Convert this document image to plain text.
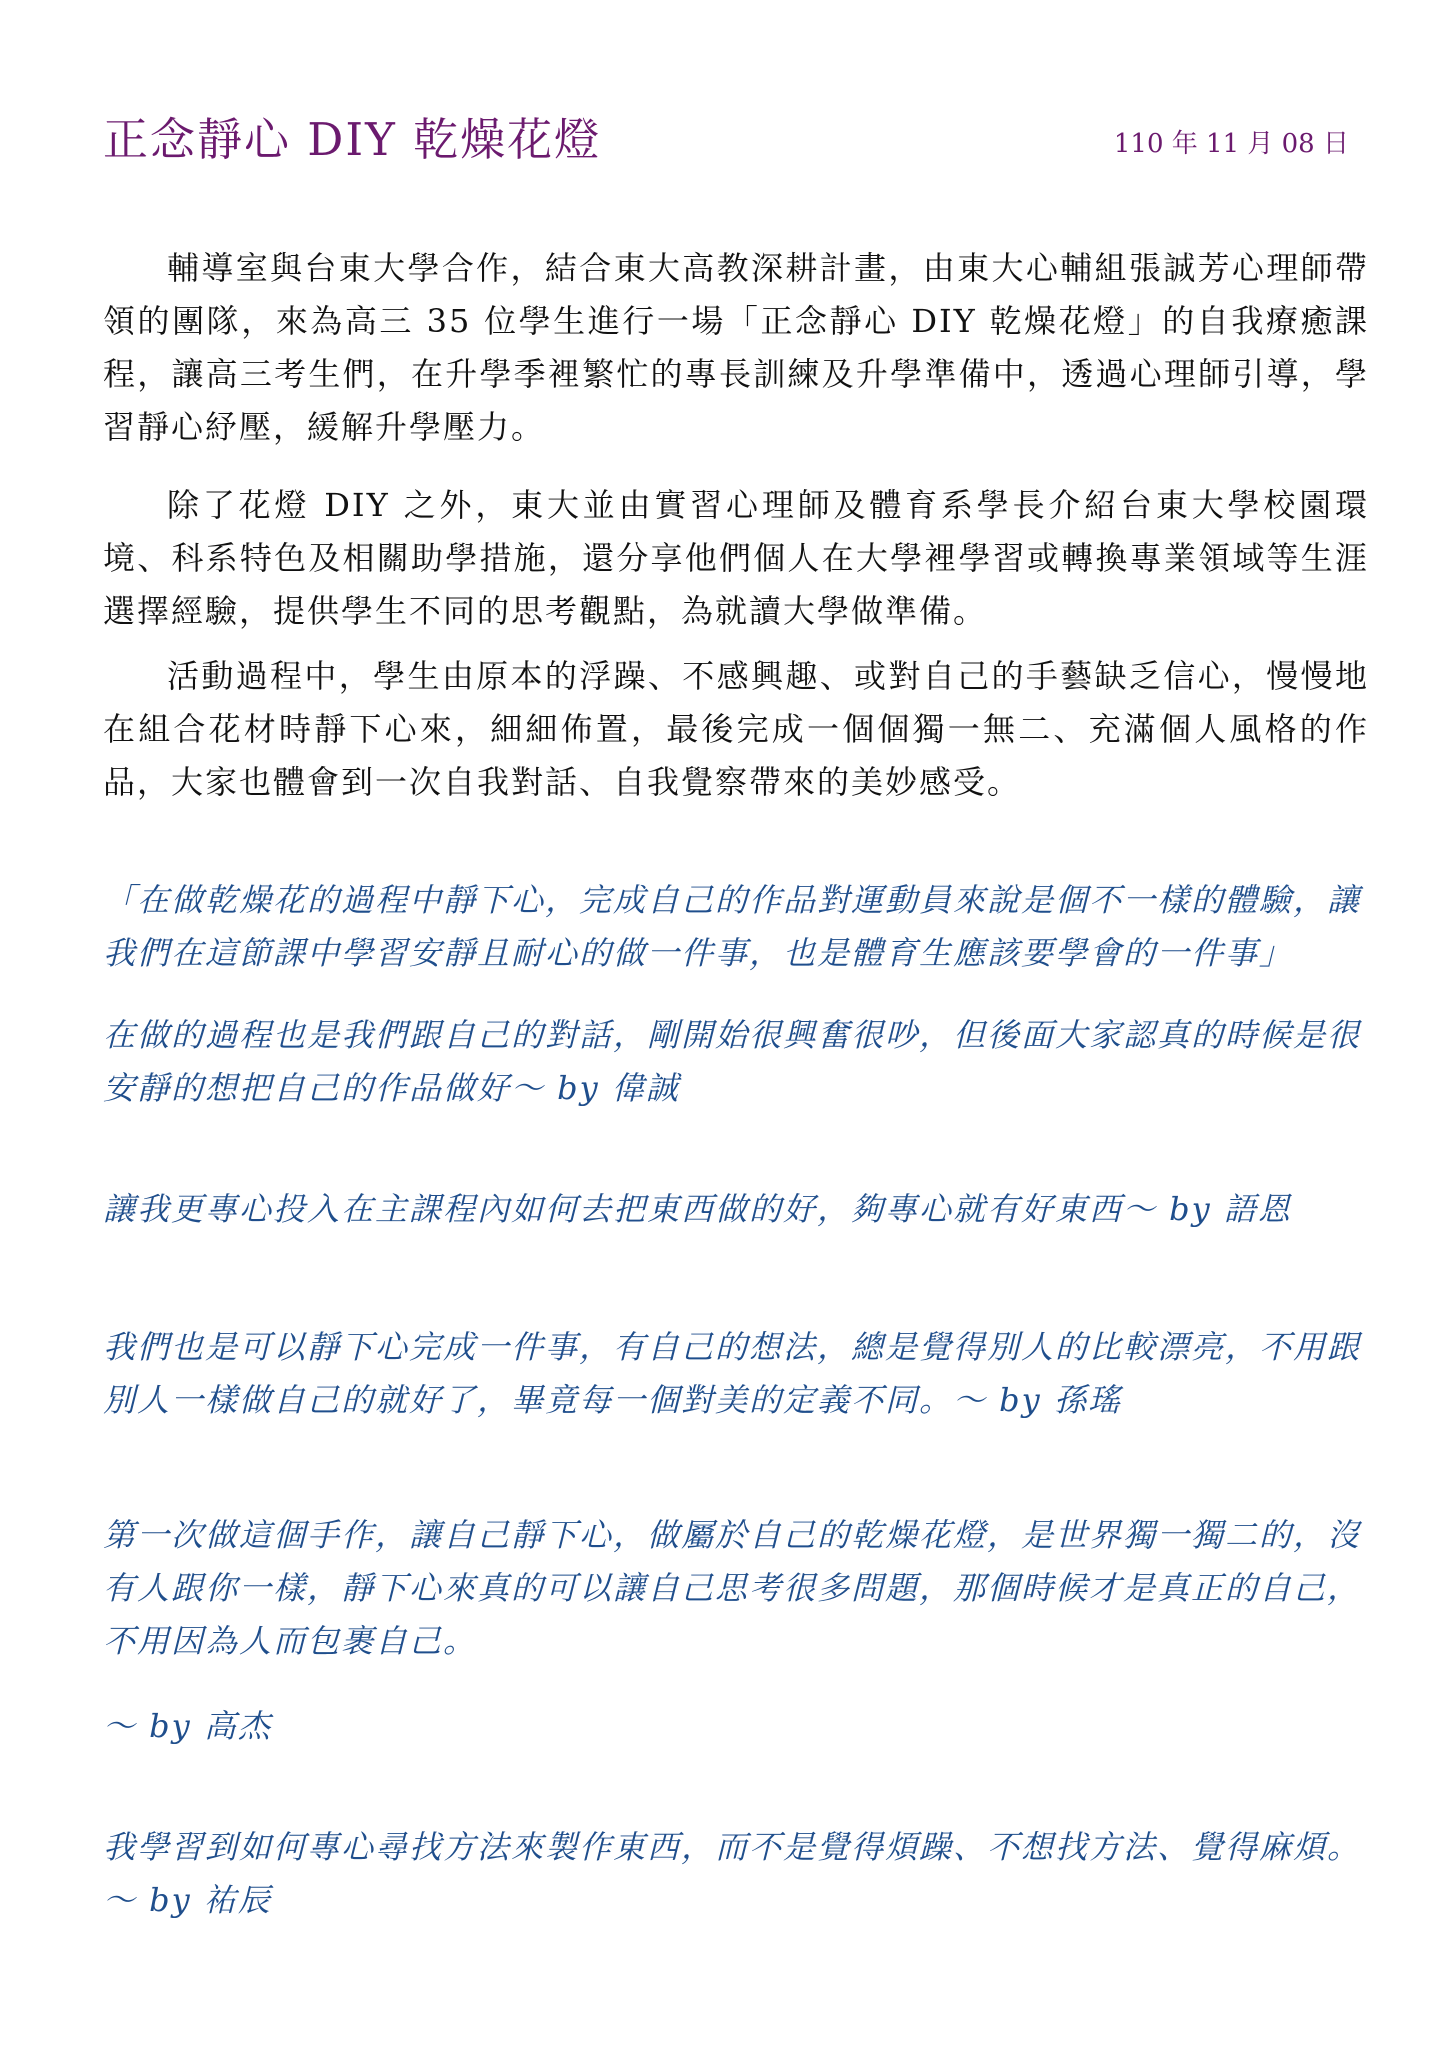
正念靜心 DIY 乾燥花燈	110 年 11 月 08 日

輔導室與台東大學合作，結合東大高教深耕計畫，由東大心輔組張誠芳心理師帶領的團隊，來為高三 35 位學生進行一場「正念靜心 DIY 乾燥花燈」的自我療癒課程，讓高三考生們，在升學季裡繁忙的專長訓練及升學準備中，透過心理師引導，學習靜心紓壓，緩解升學壓力。

除了花燈 DIY 之外，東大並由實習心理師及體育系學長介紹台東大學校園環境、科系特色及相關助學措施，還分享他們個人在大學裡學習或轉換專業領域等生涯選擇經驗，提供學生不同的思考觀點，為就讀大學做準備。

活動過程中，學生由原本的浮躁、不感興趣、或對自己的手藝缺乏信心，慢慢地在組合花材時靜下心來，細細佈置，最後完成一個個獨一無二、充滿個人風格的作品，大家也體會到一次自我對話、自我覺察帶來的美妙感受。

「在做乾燥花的過程中靜下心，完成自己的作品對運動員來說是個不一樣的體驗，讓我們在這節課中學習安靜且耐心的做一件事，也是體育生應該要學會的一件事」

在做的過程也是我們跟自己的對話，剛開始很興奮很吵，但後面大家認真的時候是很安靜的想把自己的作品做好～ by 偉誠

讓我更專心投入在主課程內如何去把東西做的好，夠專心就有好東西～ by 語恩

我們也是可以靜下心完成一件事，有自己的想法，總是覺得別人的比較漂亮，不用跟別人一樣做自己的就好了，畢竟每一個對美的定義不同。～ by 孫瑤

第一次做這個手作，讓自己靜下心，做屬於自己的乾燥花燈，是世界獨一獨二的，沒有人跟你一樣，靜下心來真的可以讓自己思考很多問題，那個時候才是真正的自己，不用因為人而包裹自己。

～ by 高杰

我學習到如何專心尋找方法來製作東西，而不是覺得煩躁、不想找方法、覺得麻煩。～ by 祐辰
